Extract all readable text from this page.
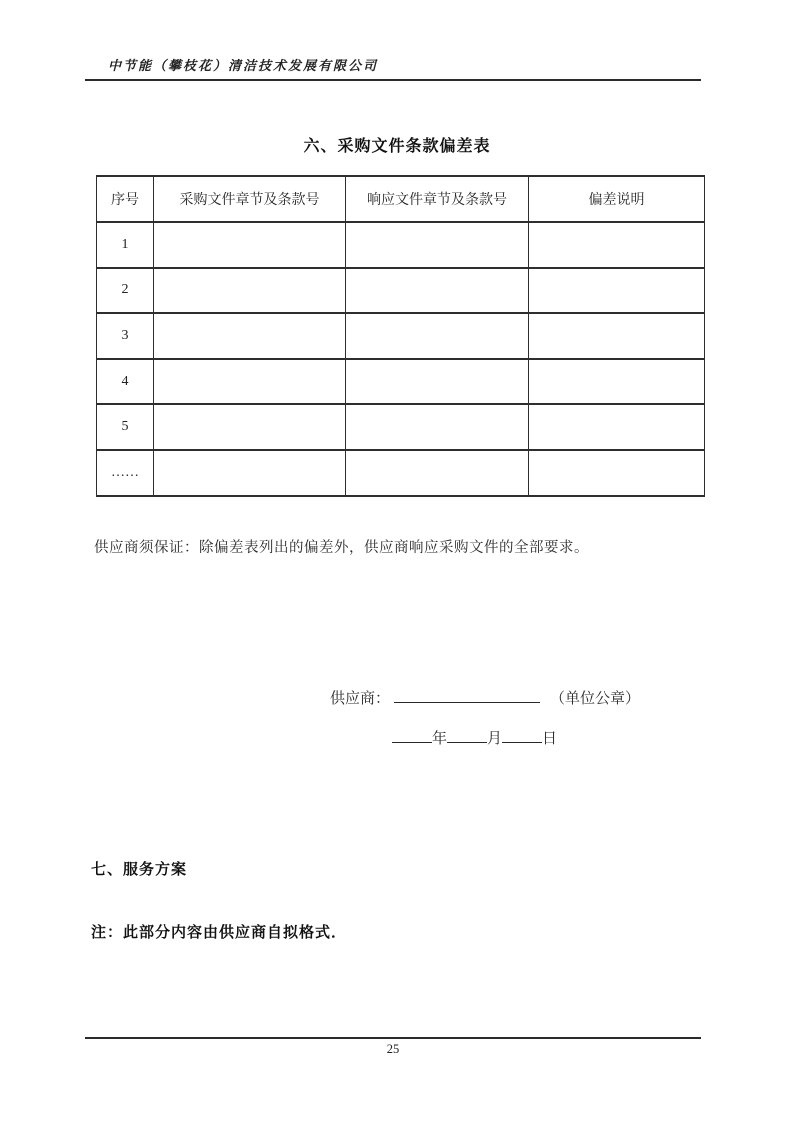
中节能（攀枝花）清洁技术发展有限公司
六、采购文件条款偏差表
序号	采购文件章节及条款号	响应文件章节及条款号	偏差说明
1			
2			
3			
4			
5			
……			

供应商须保证：除偏差表列出的偏差外，供应商响应采购文件的全部要求。

供应商：	（单位公章）
年	月	日
七、服务方案
注：此部分内容由供应商自拟格式．
25
